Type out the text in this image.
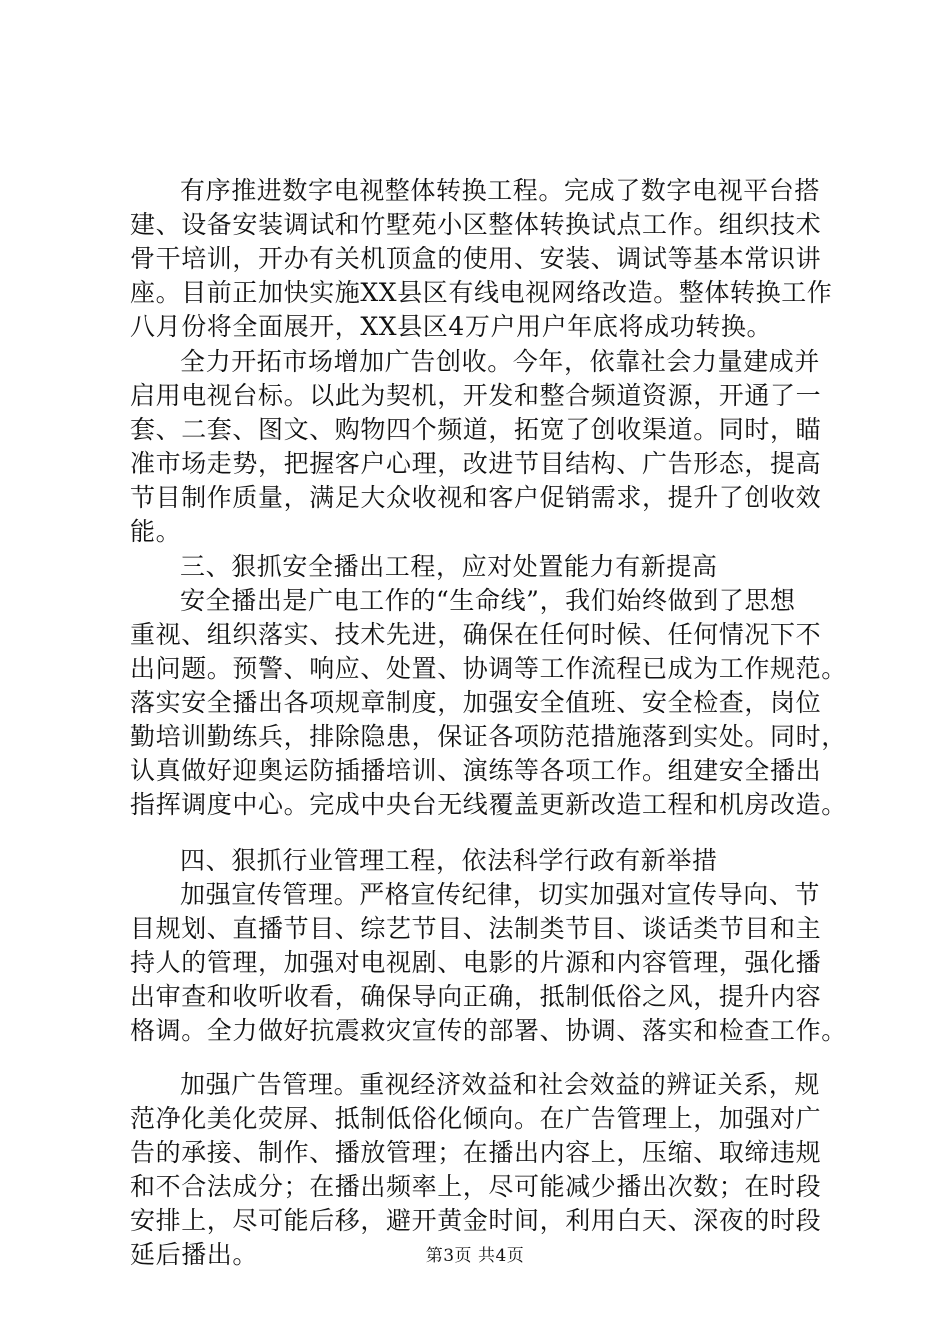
有序推进数字电视整体转换工程。完成了数字电视平台搭
建、设备安装调试和竹墅苑小区整体转换试点工作。组织技术
骨干培训，开办有关机顶盒的使用、安装、调试等基本常识讲
座。目前正加快实施XX县区有线电视网络改造。整体转换工作
八月份将全面展开，XX县区4万户用户年底将成功转换。
全力开拓市场增加广告创收。今年，依靠社会力量建成并
启用电视台标。以此为契机，开发和整合频道资源，开通了一
套、二套、图文、购物四个频道，拓宽了创收渠道。同时，瞄
准市场走势，把握客户心理，改进节目结构、广告形态，提高
节目制作质量，满足大众收视和客户促销需求，提升了创收效
能。
三、狠抓安全播出工程，应对处置能力有新提高
安全播出是广电工作的“生命线”，我们始终做到了思想
重视、组织落实、技术先进，确保在任何时候、任何情况下不
出问题。预警、响应、处置、协调等工作流程已成为工作规范。
落实安全播出各项规章制度，加强安全值班、安全检查，岗位
勤培训勤练兵，排除隐患，保证各项防范措施落到实处。同时，
认真做好迎奥运防插播培训、演练等各项工作。组建安全播出
指挥调度中心。完成中央台无线覆盖更新改造工程和机房改造。
四、狠抓行业管理工程，依法科学行政有新举措
加强宣传管理。严格宣传纪律，切实加强对宣传导向、节
目规划、直播节目、综艺节目、法制类节目、谈话类节目和主
持人的管理，加强对电视剧、电影的片源和内容管理，强化播
出审查和收听收看，确保导向正确，抵制低俗之风，提升内容
格调。全力做好抗震救灾宣传的部署、协调、落实和检查工作。
加强广告管理。重视经济效益和社会效益的辨证关系，规
范净化美化荧屏、抵制低俗化倾向。在广告管理上，加强对广
告的承接、制作、播放管理；在播出内容上，压缩、取缔违规
和不合法成分；在播出频率上，尽可能减少播出次数；在时段
安排上，尽可能后移，避开黄金时间，利用白天、深夜的时段
第3页 共4页
延后播出。
